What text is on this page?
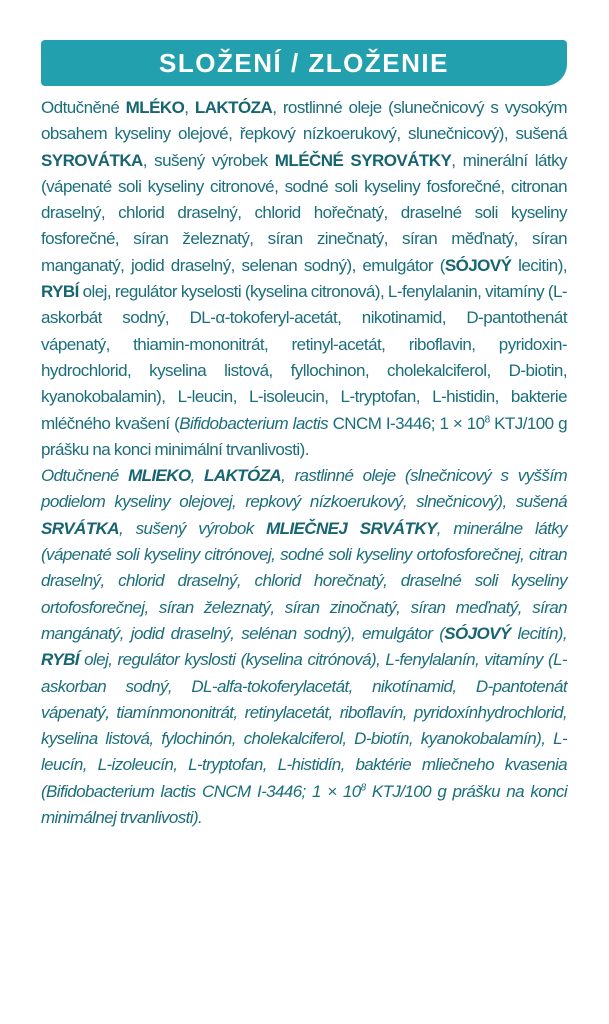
SLOŽENÍ / ZLOŽENIE

Odtučněné MLÉKO, LAKTÓZA, rostlinné oleje (slunečnicový s vysokým obsahem kyseliny olejové, řepkový nízkoerukový, slunečnicový), sušená SYROVÁTKA, sušený výrobek MLÉČNÉ SYROVÁTKY, minerální látky (vápenaté soli kyseliny citronové, sodné soli kyseliny fosforečné, citronan draselný, chlorid draselný, chlorid hořečnatý, draselné soli kyseliny fosforečné, síran železnatý, síran zinečnatý, síran měďnatý, síran manganatý, jodid draselný, selenan sodný), emulgátor (SÓJOVÝ lecitin), RYBÍ olej, regulátor kyselosti (kyselina citronová), L-fenylalanin, vitamíny (L-askorbát sodný, DL-α-tokoferyl-acetát, nikotinamid, D-pantothenát vápenatý, thiamin-mononitrát, retinyl-acetát, riboflavin, pyridoxin-hydrochlorid, kyselina listová, fyllochinon, cholekalciferol, D-biotin, kyanokobalamin), L-leucin, L-isoleucin, L-tryptofan, L-histidin, bakterie mléčného kvašení (Bifidobacterium lactis CNCM I-3446; $1 \times 10^8$ KTJ/100 g prášku na konci minimální trvanlivosti).

Odtučnené MLIEKO, LAKTÓZA, rastlinné oleje (slnečnicový s vyšším podielom kyseliny olejovej, repkový nízkoerukový, slnečnicový), sušená SRVÁTKA, sušený výrobok MLIEČNEJ SRVÁTKY, minerálne látky (vápenaté soli kyseliny citrónovej, sodné soli kyseliny ortofosforečnej, citran draselný, chlorid draselný, chlorid horečnatý, draselné soli kyseliny ortofosforečnej, síran železnatý, síran zinočnatý, síran meďnatý, síran mangánatý, jodid draselný, selénan sodný), emulgátor (SÓJOVÝ lecitín), RYBÍ olej, regulátor kyslosti (kyselina citrónová), L-fenylalanín, vitamíny (L-askorban sodný, DL-alfa-tokoferylacetát, nikotínamid, D-pantotenát vápenatý, tiamínmononitrát, retinylacetát, riboflavín, pyridoxínhydrochlorid, kyselina listová, fylochinón, cholekalciferol, D-biotín, kyanokobalamín), L-leucín, L-izoleucín, L-tryptofan, L-histidín, baktérie mliečneho kvasenia (Bifidobacterium lactis CNCM I-3446; $1 \times 10^8$ KTJ/100 g prášku na konci minimálnej trvanlivosti).
